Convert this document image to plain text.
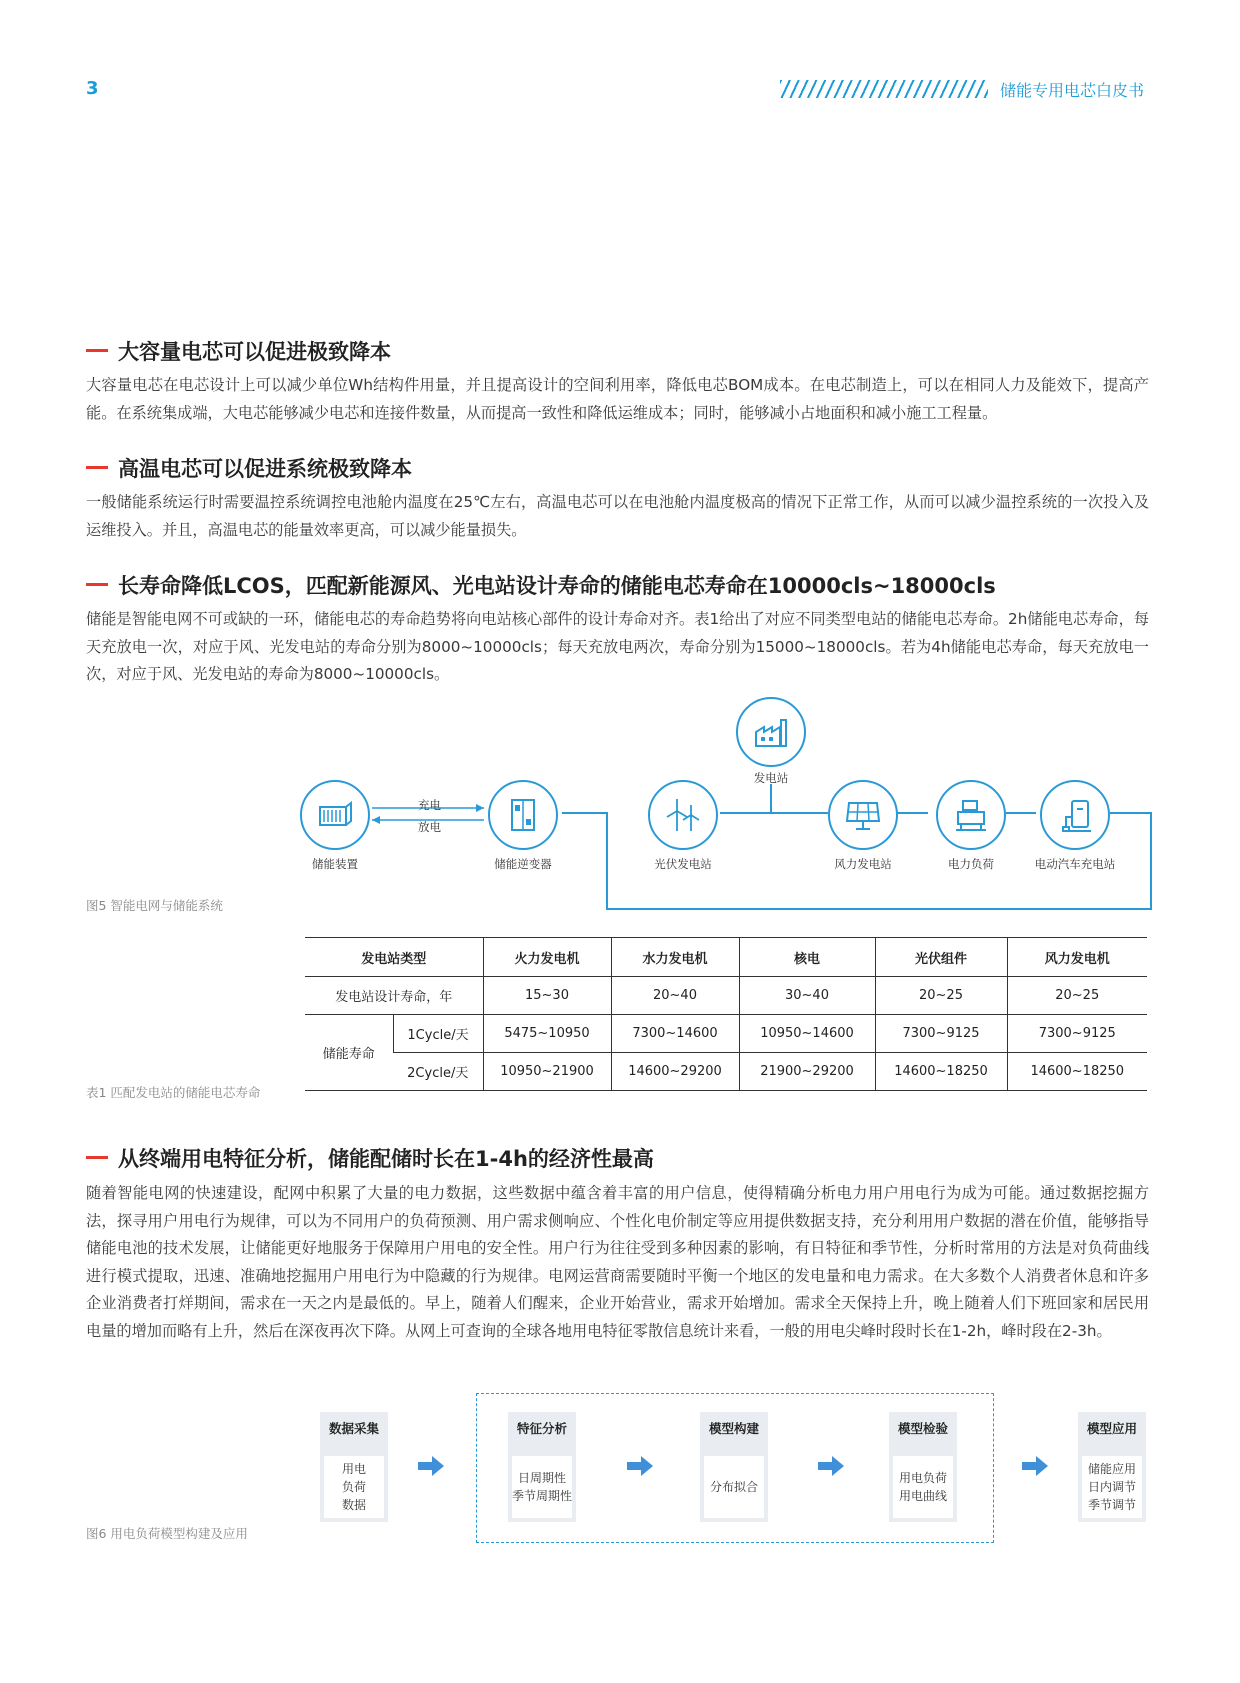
3	储能专用电芯白皮书
大容量电芯可以促进极致降本
大容量电芯在电芯设计上可以减少单位Wh结构件用量，并且提高设计的空间利用率，降低电芯BOM成本。在电芯制造上，可以在相同人力及能效下，提高产能。在系统集成端，大电芯能够减少电芯和连接件数量，从而提高一致性和降低运维成本；同时，能够减小占地面积和减小施工工程量。
高温电芯可以促进系统极致降本
一般储能系统运行时需要温控系统调控电池舱内温度在25℃左右，高温电芯可以在电池舱内温度极高的情况下正常工作，从而可以减少温控系统的一次投入及运维投入。并且，高温电芯的能量效率更高，可以减少能量损失。
长寿命降低LCOS，匹配新能源风、光电站设计寿命的储能电芯寿命在10000cls~18000cls
储能是智能电网不可或缺的一环，储能电芯的寿命趋势将向电站核心部件的设计寿命对齐。表1给出了对应不同类型电站的储能电芯寿命。2h储能电芯寿命，每天充放电一次，对应于风、光发电站的寿命分别为8000~10000cls；每天充放电两次，寿命分别为15000~18000cls。若为4h储能电芯寿命，每天充放电一次，对应于风、光发电站的寿命为8000~10000cls。
充电
放电
储能装置	储能逆变器
发电站
光伏发电站	风力发电站	电力负荷	电动汽车充电站
图5 智能电网与储能系统
发电站类型		火力发电机	水力发电机	核电	光伏组件	风力发电机
发电站设计寿命，年		15~30	20~40	30~40	20~25	20~25
储能寿命	1Cycle/天	5475~10950	7300~14600	10950~14600	7300~9125	7300~9125
	2Cycle/天	10950~21900	14600~29200	21900~29200	14600~18250	14600~18250
表1 匹配发电站的储能电芯寿命
从终端用电特征分析，储能配储时长在1-4h的经济性最高
随着智能电网的快速建设，配网中积累了大量的电力数据，这些数据中蕴含着丰富的用户信息，使得精确分析电力用户用电行为成为可能。通过数据挖掘方法，探寻用户用电行为规律，可以为不同用户的负荷预测、用户需求侧响应、个性化电价制定等应用提供数据支持，充分利用用户数据的潜在价值，能够指导储能电池的技术发展，让储能更好地服务于保障用户用电的安全性。用户行为往往受到多种因素的影响，有日特征和季节性，分析时常用的方法是对负荷曲线进行模式提取，迅速、准确地挖掘用户用电行为中隐藏的行为规律。电网运营商需要随时平衡一个地区的发电量和电力需求。在大多数个人消费者休息和许多企业消费者打烊期间，需求在一天之内是最低的。早上，随着人们醒来，企业开始营业，需求开始增加。需求全天保持上升，晚上随着人们下班回家和居民用电量的增加而略有上升，然后在深夜再次下降。从网上可查询的全球各地用电特征零散信息统计来看，一般的用电尖峰时段时长在1-2h，峰时段在2-3h。
数据采集
用电
负荷
数据
特征分析
日周期性
季节周期性
模型构建
分布拟合
模型检验
用电负荷
用电曲线
模型应用
储能应用
日内调节
季节调节
图6 用电负荷模型构建及应用
